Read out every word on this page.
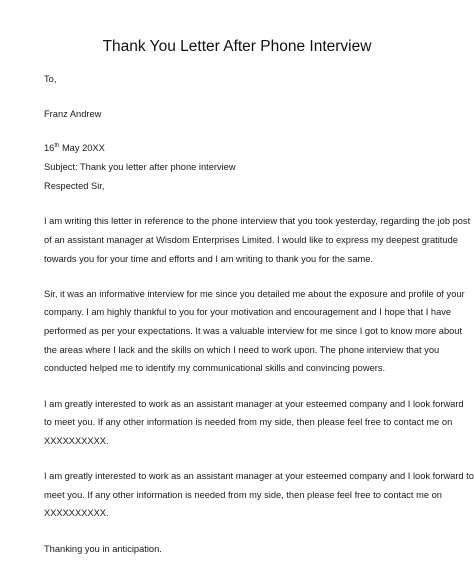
Thank You Letter After Phone Interview
To,
Franz Andrew
16th May 20XX
Subject: Thank you letter after phone interview
Respected Sir,
I am writing this letter in reference to the phone interview that you took yesterday, regarding the job post
of an assistant manager at Wisdom Enterprises Limited. I would like to express my deepest gratitude
towards you for your time and efforts and I am writing to thank you for the same.
Sir, it was an informative interview for me since you detailed me about the exposure and profile of your
company. I am highly thankful to you for your motivation and encouragement and I hope that I have
performed as per your expectations. It was a valuable interview for me since I got to know more about
the areas where I lack and the skills on which I need to work upon. The phone interview that you
conducted helped me to identify my communicational skills and convincing powers.
I am greatly interested to work as an assistant manager at your esteemed company and I look forward
to meet you. If any other information is needed from my side, then please feel free to contact me on
XXXXXXXXXX.
I am greatly interested to work as an assistant manager at your esteemed company and I look forward to
meet you. If any other information is needed from my side, then please feel free to contact me on
XXXXXXXXXX.
Thanking you in anticipation.
